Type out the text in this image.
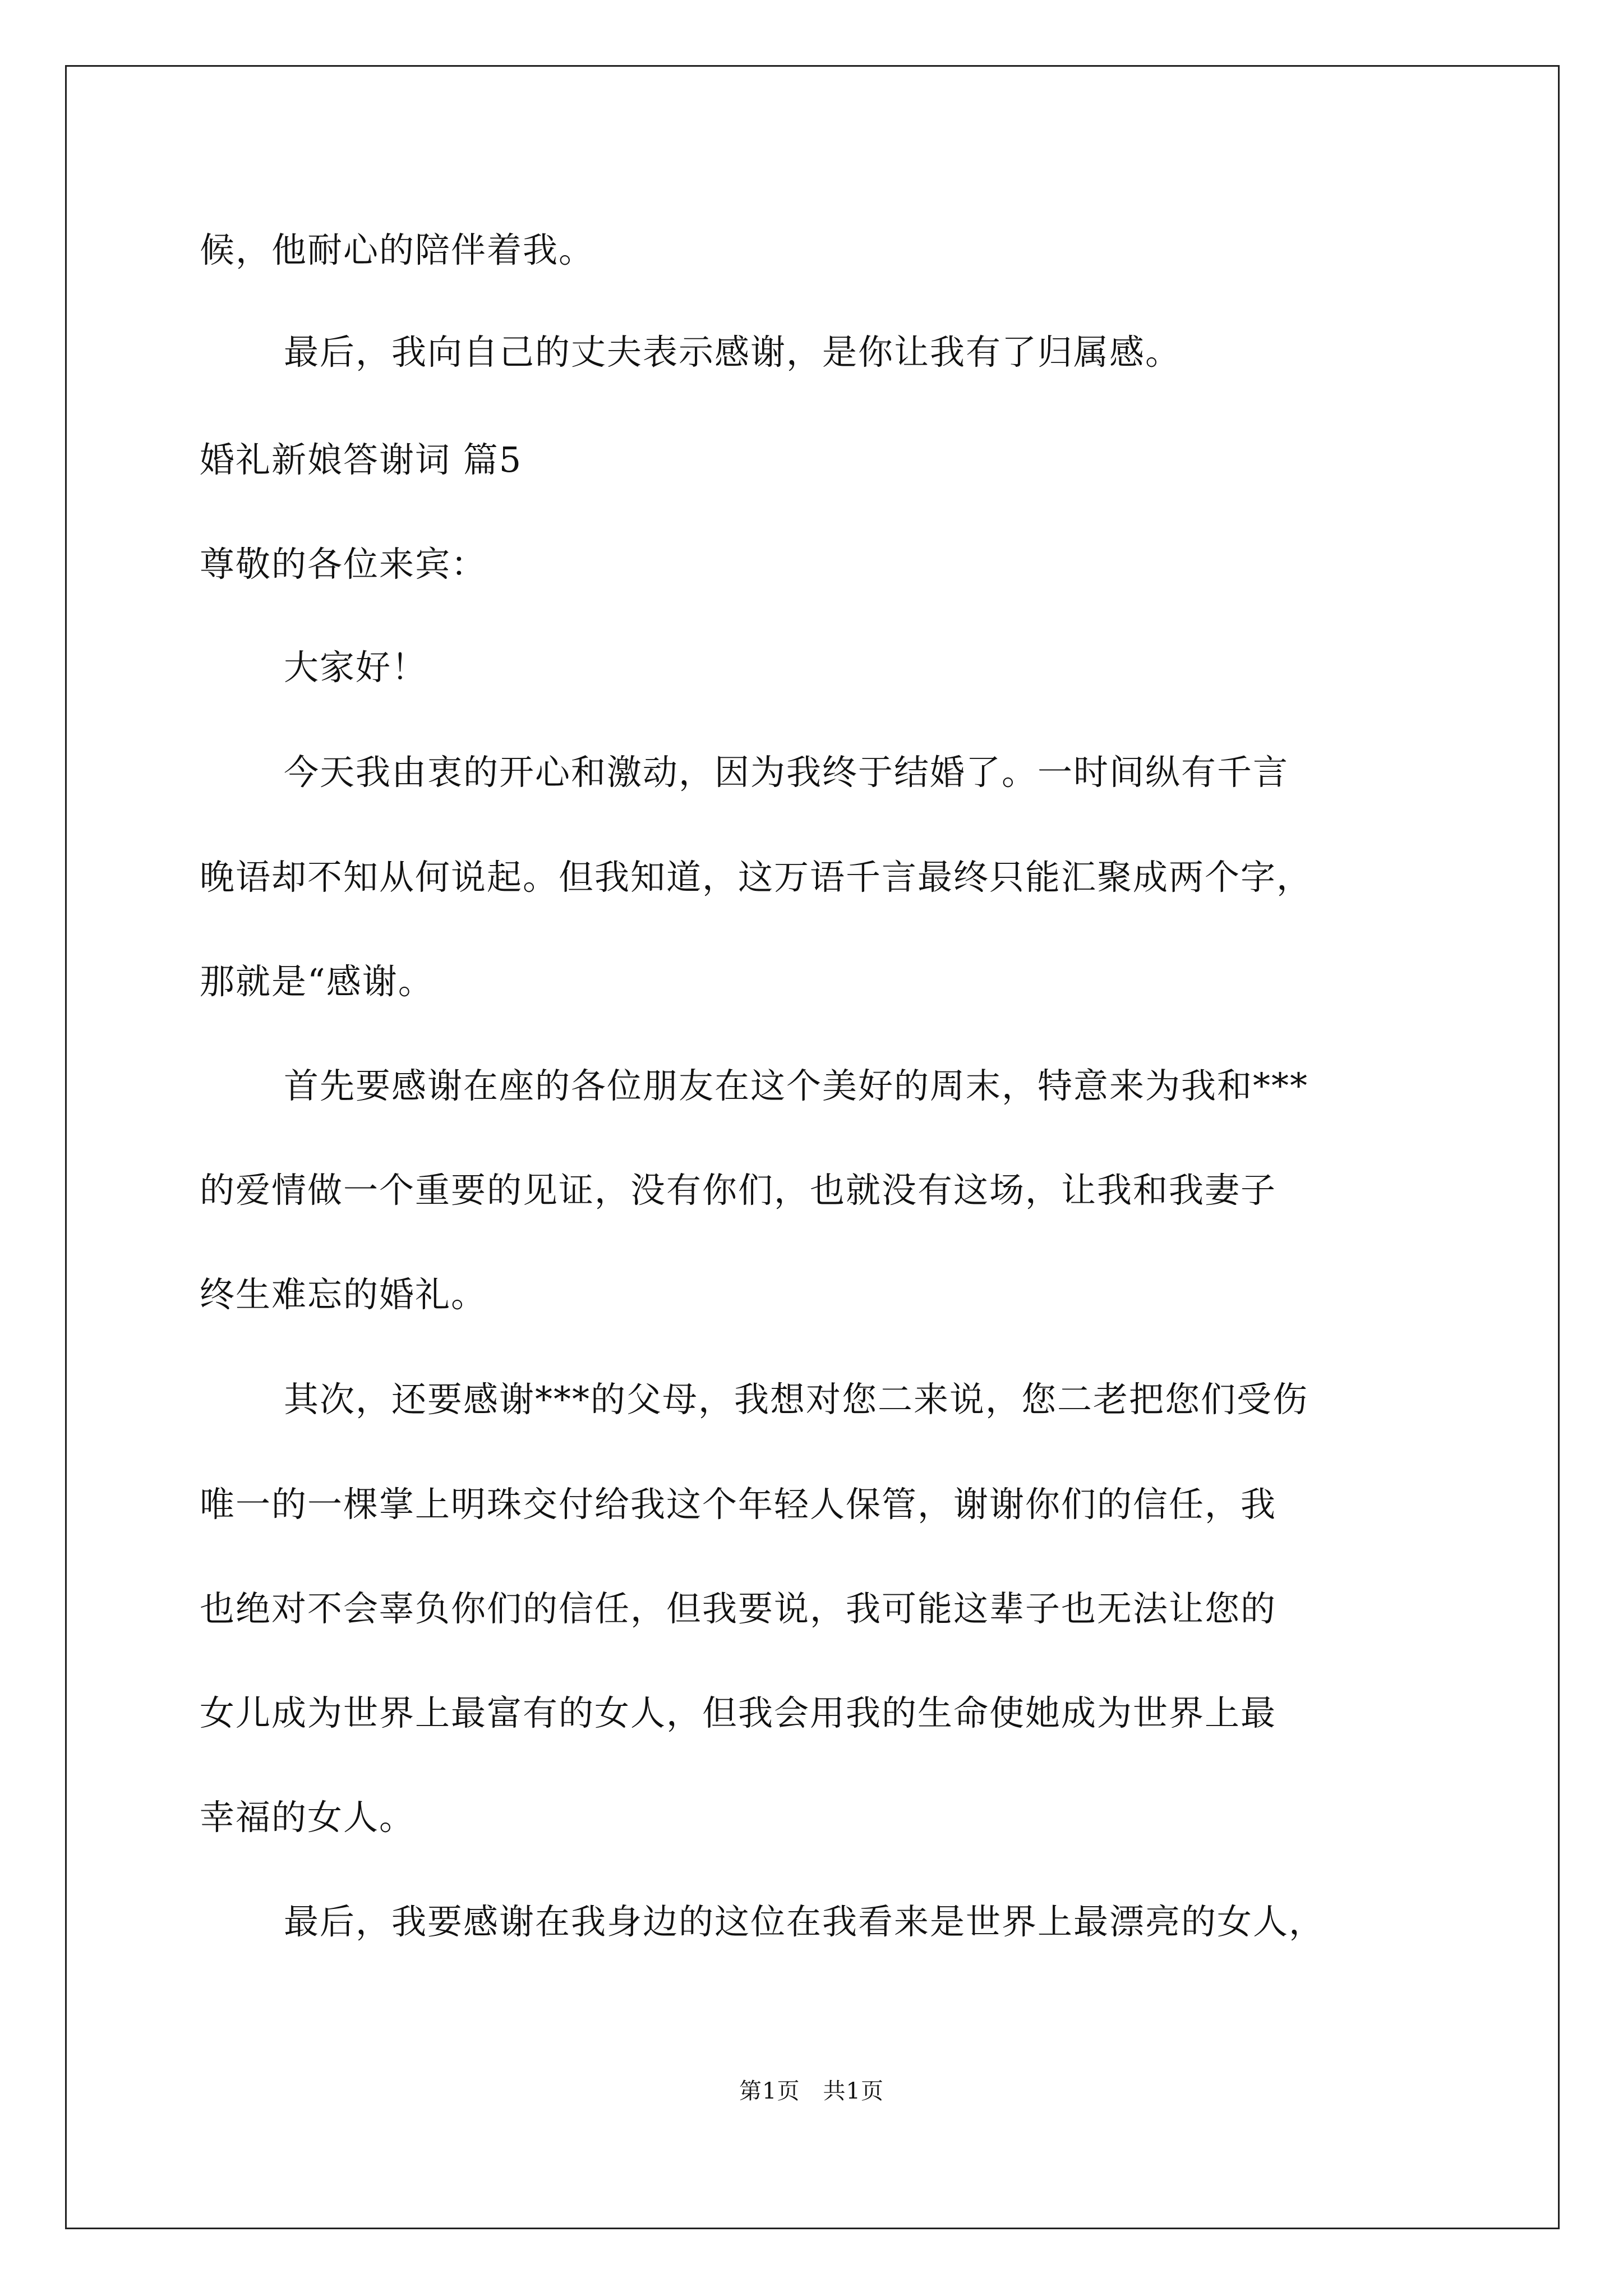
候，他耐心的陪伴着我。
最后，我向自己的丈夫表示感谢，是你让我有了归属感。
婚礼新娘答谢词 篇5
尊敬的各位来宾：
大家好！
今天我由衷的开心和激动，因为我终于结婚了。一时间纵有千言
晚语却不知从何说起。但我知道，这万语千言最终只能汇聚成两个字，
那就是“感谢。
首先要感谢在座的各位朋友在这个美好的周末，特意来为我和***
的爱情做一个重要的见证，没有你们，也就没有这场，让我和我妻子
终生难忘的婚礼。
其次，还要感谢***的父母，我想对您二来说，您二老把您们受伤
唯一的一棵掌上明珠交付给我这个年轻人保管，谢谢你们的信任，我
也绝对不会辜负你们的信任，但我要说，我可能这辈子也无法让您的
女儿成为世界上最富有的女人，但我会用我的生命使她成为世界上最
幸福的女人。
最后，我要感谢在我身边的这位在我看来是世界上最漂亮的女人，
第1页　共1页
